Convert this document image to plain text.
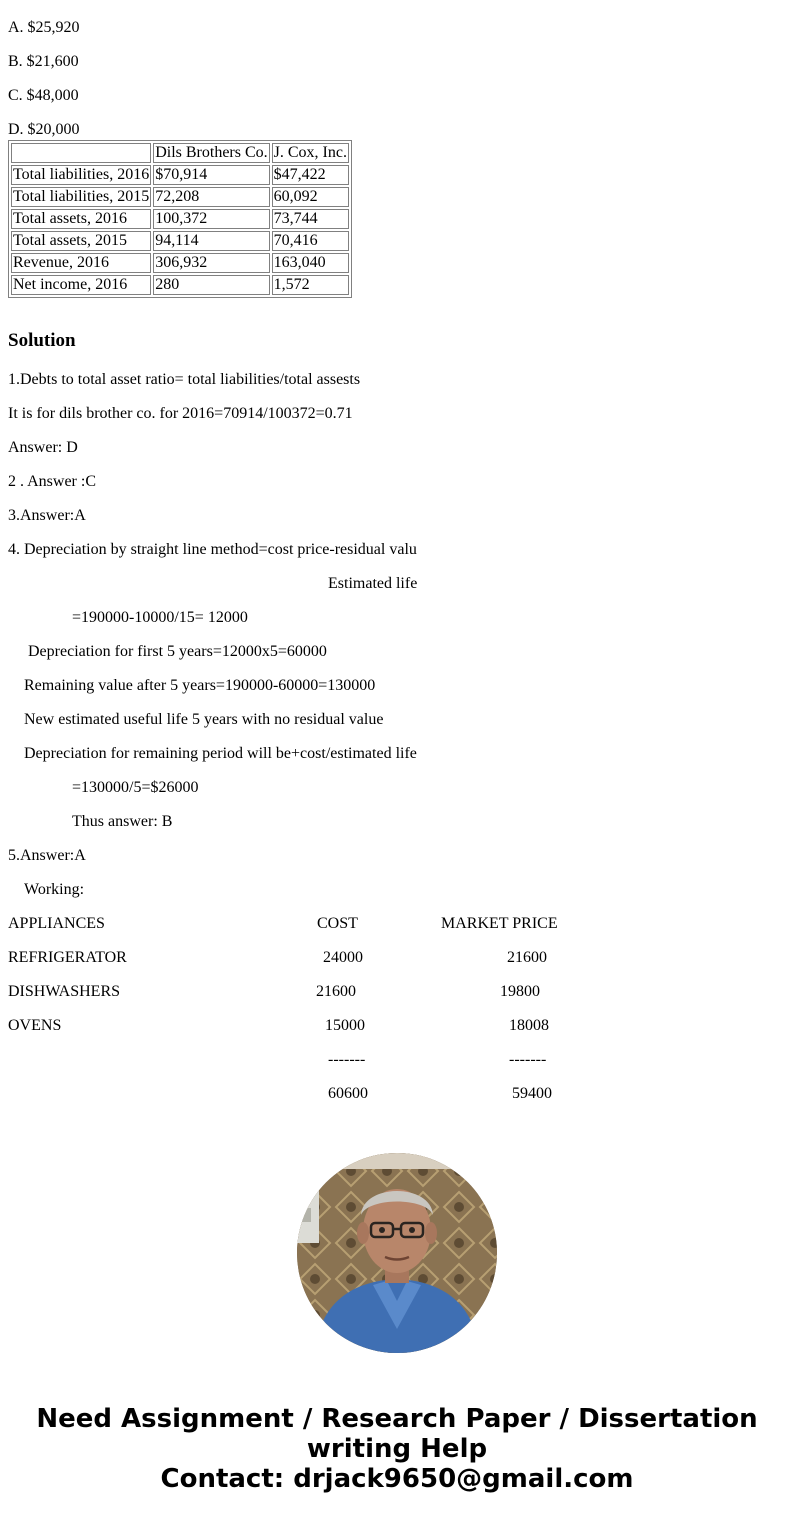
A. $25,920

B. $21,600

C. $48,000

D. $20,000

	Dils Brothers Co.	J. Cox, Inc.
Total liabilities, 2016	$70,914	$47,422
Total liabilities, 2015	72,208	60,092
Total assets, 2016	100,372	73,744
Total assets, 2015	94,114	70,416
Revenue, 2016	306,932	163,040
Net income, 2016	280	1,572
Solution

1.Debts to total asset ratio= total liabilities/total assests

It is for dils brother co. for 2016=70914/100372=0.71

Answer: D

2 . Answer :C

3.Answer:A

4. Depreciation by straight line method=cost price-residual valu

Estimated life

=190000-10000/15= 12000

Depreciation for first 5 years=12000x5=60000

Remaining value after 5 years=190000-60000=130000

New estimated useful life 5 years with no residual value

Depreciation for remaining period will be+cost/estimated life

=130000/5=$26000

Thus answer: B

5.Answer:A

Working:

APPLIANCES	COST	MARKET PRICE

REFRIGERATOR	24000	21600

DISHWASHERS	21600	19800

OVENS	15000	18008

-------	-------

60600	59400

Need Assignment / Research Paper / Dissertation
writing Help
Contact: drjack9650@gmail.com
